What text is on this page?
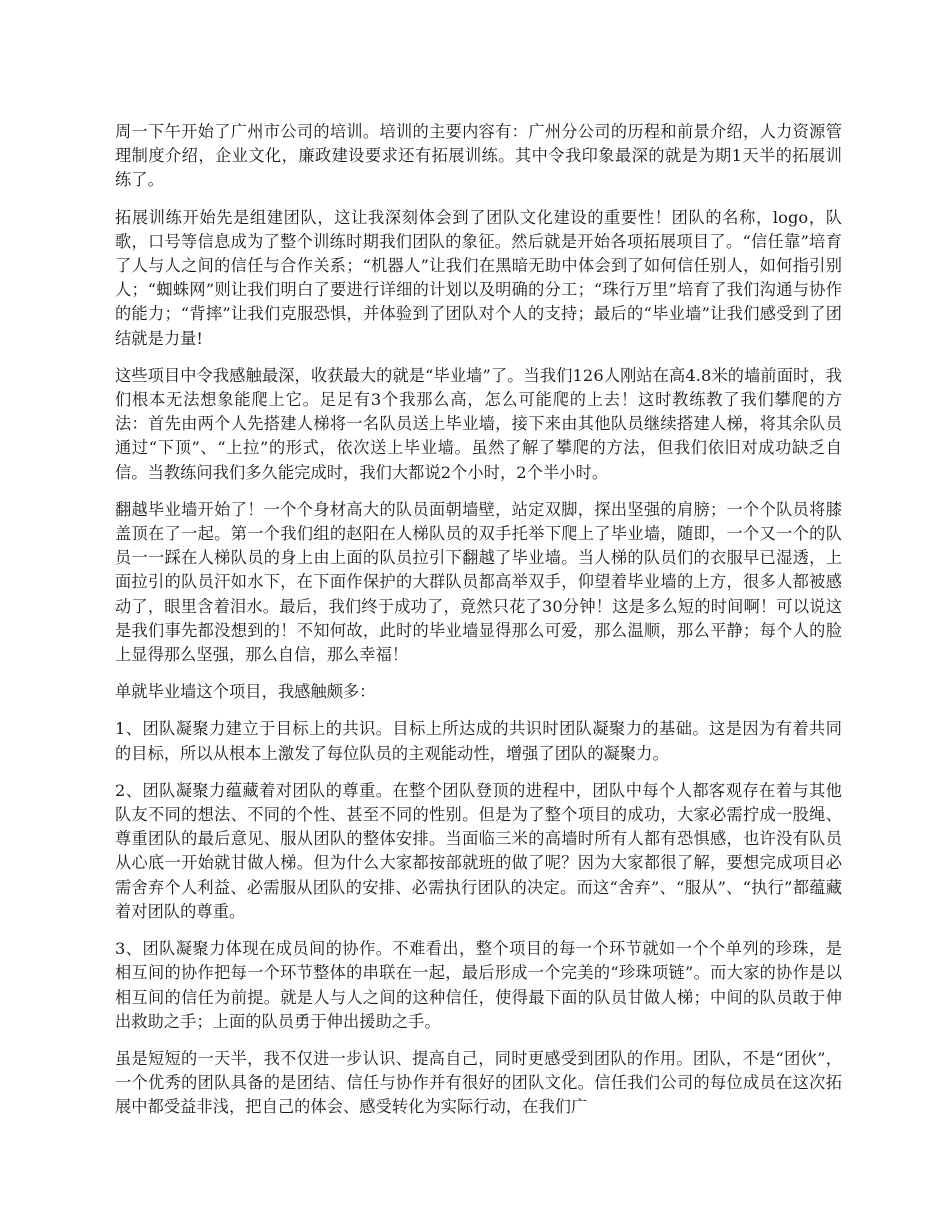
周一下午开始了广州市公司的培训。培训的主要内容有：广州分公司的历程和前景介绍，人力资源管理制度介绍，企业文化，廉政建设要求还有拓展训练。其中令我印象最深的就是为期1天半的拓展训练了。

拓展训练开始先是组建团队，这让我深刻体会到了团队文化建设的重要性！团队的名称，logo，队歌，口号等信息成为了整个训练时期我们团队的象征。然后就是开始各项拓展项目了。“信任靠”培育了人与人之间的信任与合作关系；“机器人”让我们在黑暗无助中体会到了如何信任别人，如何指引别人；“蜘蛛网”则让我们明白了要进行详细的计划以及明确的分工；“珠行万里”培育了我们沟通与协作的能力；“背摔”让我们克服恐惧，并体验到了团队对个人的支持；最后的“毕业墙”让我们感受到了团结就是力量!

这些项目中令我感触最深，收获最大的就是“毕业墙”了。当我们126人刚站在高4.8米的墙前面时，我们根本无法想象能爬上它。足足有3个我那么高，怎么可能爬的上去！这时教练教了我们攀爬的方法：首先由两个人先搭建人梯将一名队员送上毕业墙，接下来由其他队员继续搭建人梯，将其余队员通过“下顶”、“上拉”的形式，依次送上毕业墙。虽然了解了攀爬的方法，但我们依旧对成功缺乏自信。当教练问我们多久能完成时，我们大都说2个小时，2个半小时。

翻越毕业墙开始了！一个个身材高大的队员面朝墙壁，站定双脚，探出坚强的肩膀；一个个队员将膝盖顶在了一起。第一个我们组的赵阳在人梯队员的双手托举下爬上了毕业墙，随即，一个又一个的队员一一踩在人梯队员的身上由上面的队员拉引下翻越了毕业墙。当人梯的队员们的衣服早已湿透，上面拉引的队员汗如水下，在下面作保护的大群队员都高举双手，仰望着毕业墙的上方，很多人都被感动了，眼里含着泪水。最后，我们终于成功了，竟然只花了30分钟！这是多么短的时间啊！可以说这是我们事先都没想到的！不知何故，此时的毕业墙显得那么可爱，那么温顺，那么平静；每个人的脸上显得那么坚强，那么自信，那么幸福！

单就毕业墙这个项目，我感触颇多：

1、团队凝聚力建立于目标上的共识。目标上所达成的共识时团队凝聚力的基础。这是因为有着共同的目标，所以从根本上激发了每位队员的主观能动性，增强了团队的凝聚力。

2、团队凝聚力蕴藏着对团队的尊重。在整个团队登顶的进程中，团队中每个人都客观存在着与其他队友不同的想法、不同的个性、甚至不同的性别。但是为了整个项目的成功，大家必需拧成一股绳、尊重团队的最后意见、服从团队的整体安排。当面临三米的高墙时所有人都有恐惧感，也许没有队员从心底一开始就甘做人梯。但为什么大家都按部就班的做了呢？因为大家都很了解，要想完成项目必需舍弃个人利益、必需服从团队的安排、必需执行团队的决定。而这“舍弃”、“服从”、“执行”都蕴藏着对团队的尊重。

3、团队凝聚力体现在成员间的协作。不难看出，整个项目的每一个环节就如一个个单列的珍珠，是相互间的协作把每一个环节整体的串联在一起，最后形成一个完美的“珍珠项链”。而大家的协作是以相互间的信任为前提。就是人与人之间的这种信任，使得最下面的队员甘做人梯；中间的队员敢于伸出救助之手；上面的队员勇于伸出援助之手。

虽是短短的一天半，我不仅进一步认识、提高自己，同时更感受到团队的作用。团队，不是“团伙”，一个优秀的团队具备的是团结、信任与协作并有很好的团队文化。信任我们公司的每位成员在这次拓展中都受益非浅，把自己的体会、感受转化为实际行动，在我们广
